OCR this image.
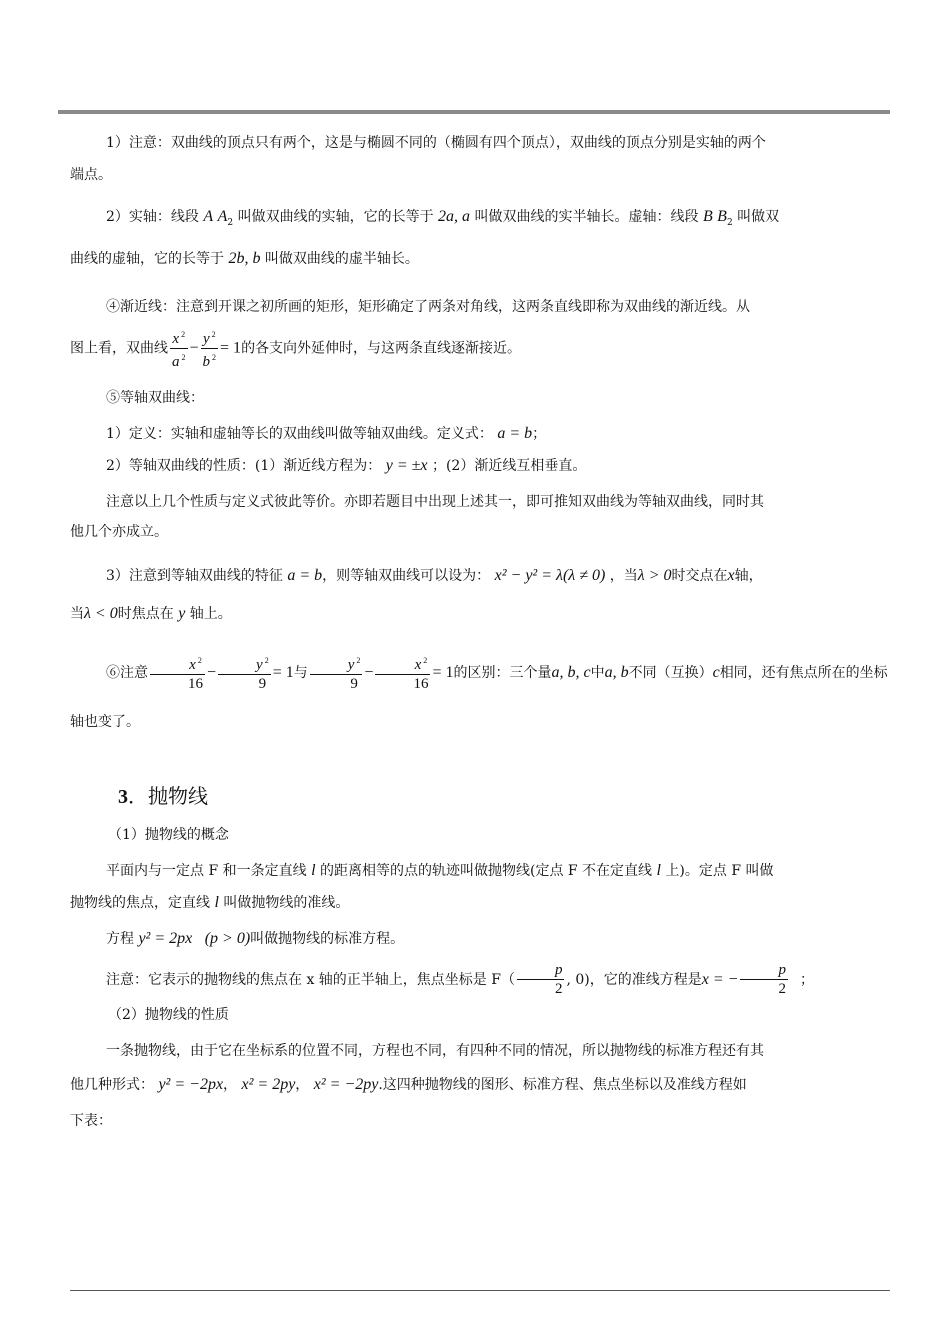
1）注意：双曲线的顶点只有两个，这是与椭圆不同的（椭圆有四个顶点），双曲线的顶点分别是实轴的两个

端点。

2）实轴：线段 A $A_2$ 叫做双曲线的实轴，它的长等于 2a, a 叫做双曲线的实半轴长。虚轴：线段 B $B_2$ 叫做双

曲线的虚轴，它的长等于 2b, b 叫做双曲线的虚半轴长。

④渐近线：注意到开课之初所画的矩形，矩形确定了两条对角线，这两条直线即称为双曲线的渐近线。从

图上看，双曲线 $\frac{x ^2}{a ^2} - \frac{y ^2}{b ^2} = 1$的各支向外延伸时，与这两条直线逐渐接近。

⑤等轴双曲线：

1）定义：实轴和虚轴等长的双曲线叫做等轴双曲线。定义式： a = b；

2）等轴双曲线的性质：(1）渐近线方程为： y = ±x ；(2）渐近线互相垂直。

注意以上几个性质与定义式彼此等价。亦即若题目中出现上述其一，即可推知双曲线为等轴双曲线，同时其

他几个亦成立。

3）注意到等轴双曲线的特征 a = b，则等轴双曲线可以设为： x² − y² = λ(λ ≠ 0) ，当λ > 0时交点在x轴，

当λ < 0时焦点在 y 轴上。

⑥注意 $\frac{x ^2}{16} - \frac{y ^2}{9} = 1$与 $\frac{y ^2}{9} - \frac{x ^2}{16} = 1$的区别：三个量a, b, c中a, b不同（互换）c相同，还有焦点所在的坐标

轴也变了。

3．抛物线

（1）抛物线的概念

平面内与一定点 F 和一条定直线 l 的距离相等的点的轨迹叫做抛物线(定点 F 不在定直线 l 上)。定点 F 叫做

抛物线的焦点，定直线 l 叫做抛物线的准线。

方程 y² = 2px (p > 0)叫做抛物线的标准方程。

注意：它表示的抛物线的焦点在 x 轴的正半轴上，焦点坐标是 $F( \frac{p}{2}$ , 0)，它的准线方程是x = − $\frac{p}{2}$ ；

（2）抛物线的性质

一条抛物线，由于它在坐标系的位置不同，方程也不同，有四种不同的情况，所以抛物线的标准方程还有其

他几种形式： y² = −2px， x² = 2py， x² = −2py.这四种抛物线的图形、标准方程、焦点坐标以及准线方程如

下表：
